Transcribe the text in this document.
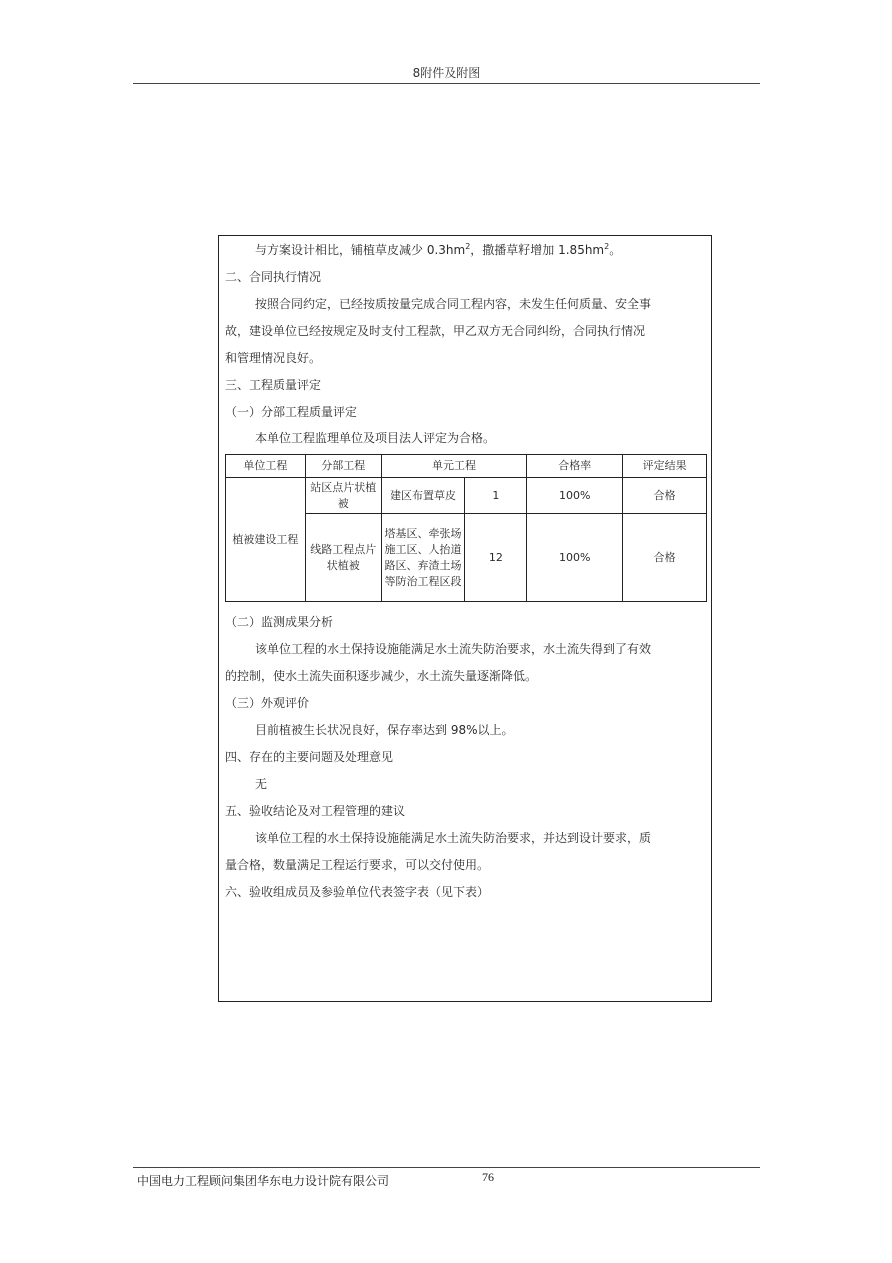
8附件及附图
与方案设计相比，铺植草皮减少 $0.3hm^2$，撒播草籽增加 $1.85hm^2$。
二、合同执行情况
按照合同约定，已经按质按量完成合同工程内容，未发生任何质量、安全事
故，建设单位已经按规定及时支付工程款，甲乙双方无合同纠纷，合同执行情况
和管理情况良好。
三、工程质量评定
（一）分部工程质量评定
本单位工程监理单位及项目法人评定为合格。
单位工程	分部工程	单元工程		合格率	评定结果
植被建设工程	站区点片状植被	建区布置草皮	1	100%	合格
	线路工程点片状植被	塔基区、牵张场施工区、人抬道路区、弃渣土场等防治工程区段	12	100%	合格
（二）监测成果分析
该单位工程的水土保持设施能满足水土流失防治要求，水土流失得到了有效
的控制，使水土流失面积逐步减少，水土流失量逐渐降低。
（三）外观评价
目前植被生长状况良好，保存率达到 98%以上。
四、存在的主要问题及处理意见
无
五、验收结论及对工程管理的建议
该单位工程的水土保持设施能满足水土流失防治要求，并达到设计要求，质
量合格，数量满足工程运行要求，可以交付使用。
六、验收组成员及参验单位代表签字表（见下表）
中国电力工程顾问集团华东电力设计院有限公司	76
